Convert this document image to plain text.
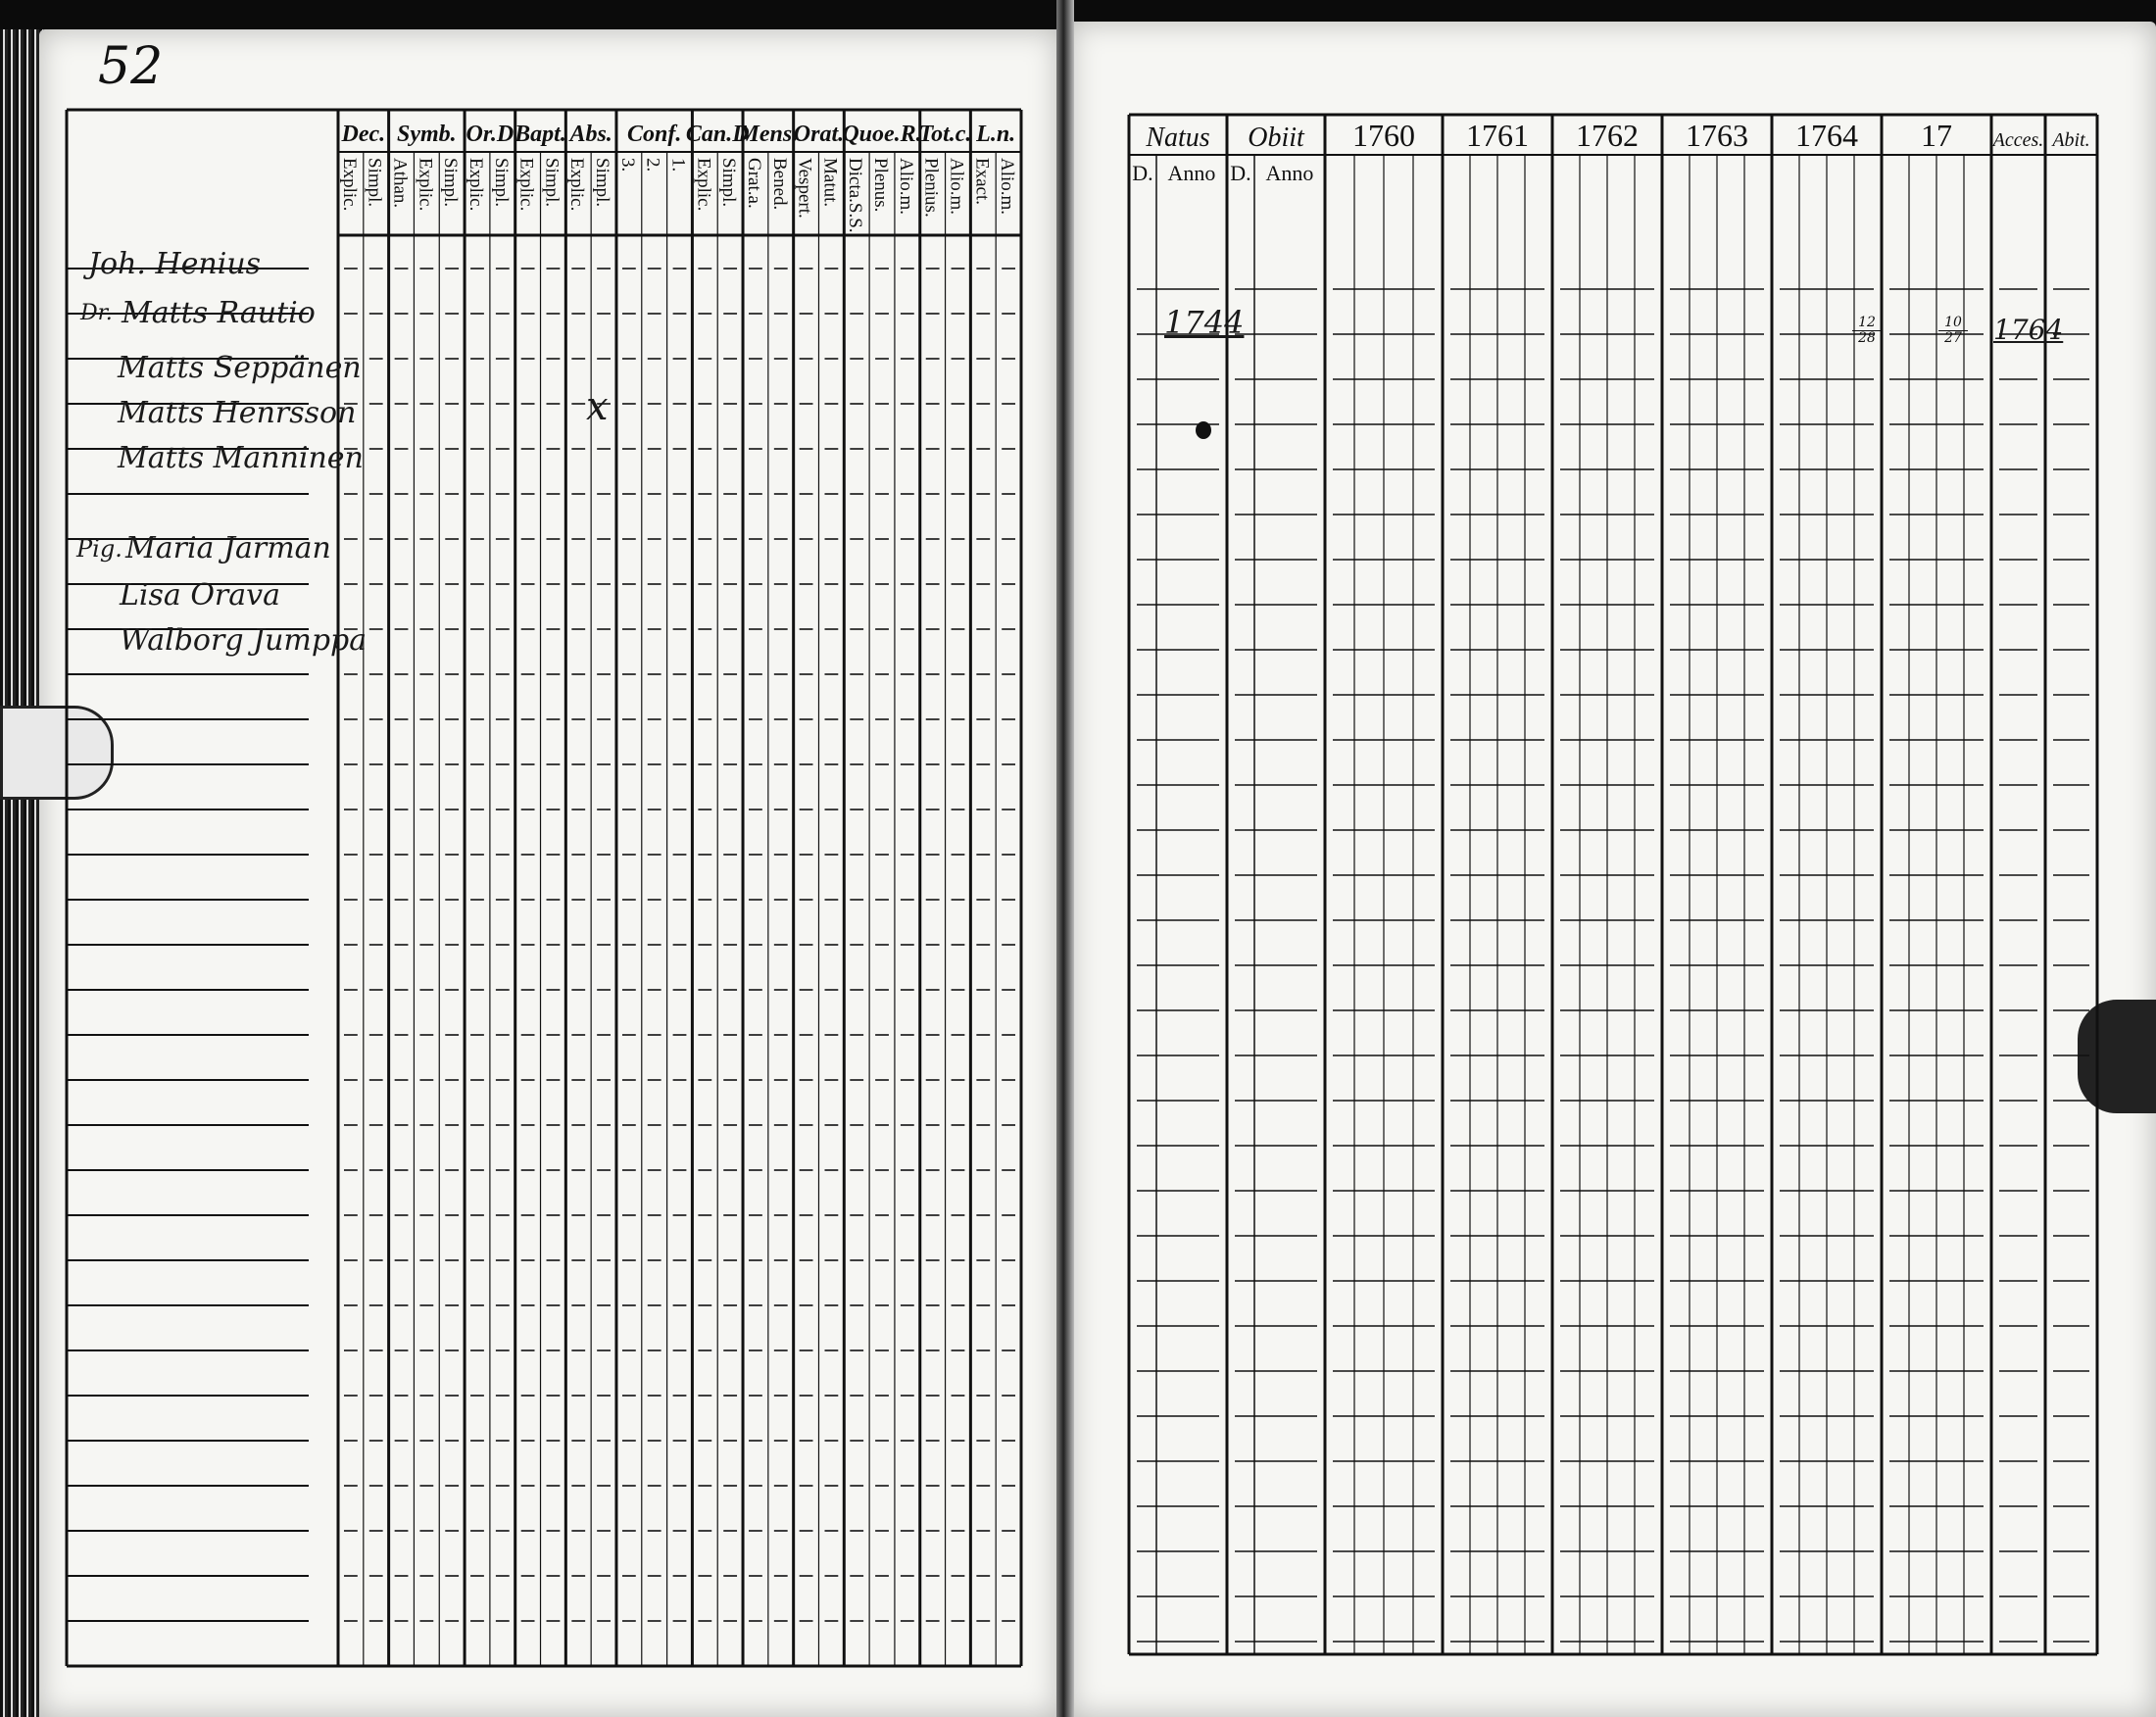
52
Dec.
Explic. Simpl.
Symb.
Athan. Explic. Simpl.
Or.D
Explic. Simpl.
Bapt.
Explic. Simpl.
Abs.
Explic. Simpl.
Conf.
3. 2. 1.
Can.D
Explic. Simpl.
Mens.
Grat.a. Bened.
Orat.
Vespert. Matut.
Quoe.R.
Dicta.S.S. Plenus. Alio.m.
Tot.c.
Plenius. Alio.m.
L.n.
Exact. Alio.m.
Natus Obiit 1760 1761 1762 1763 1764 17 Acces. Abit.
D. Anno D. Anno
Joh. Henius
Dr. Matts Rautio
Matts Seppänen
Matts Henrsson
Matts Manninen
Pig. Maria Jarman
Lisa Orava
Walborg Jumppa
x
1744	$\frac{12}{28}$	$\frac{10}{27} 1764$
